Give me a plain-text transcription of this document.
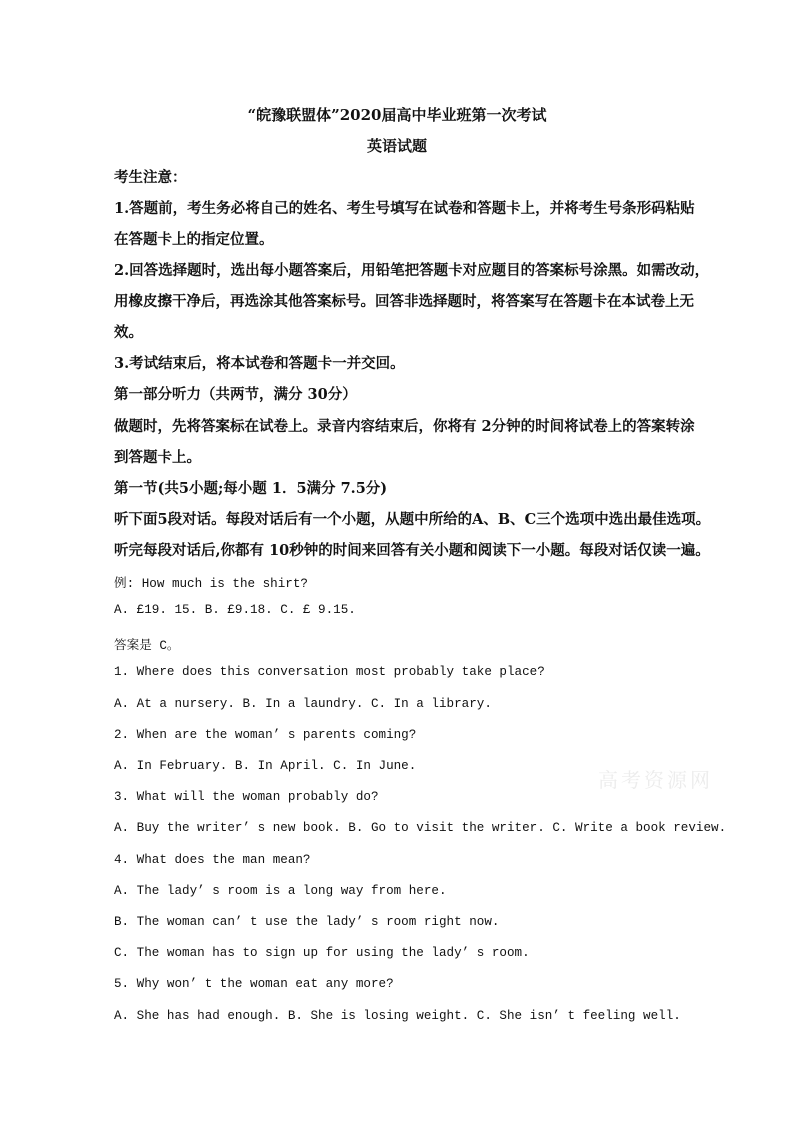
“皖豫联盟体”2020届高中毕业班第一次考试
英语试题
考生注意：
1.答题前，考生务必将自己的姓名、考生号填写在试卷和答题卡上，并将考生号条形码粘贴
在答题卡上的指定位置。
2.回答选择题时，选出每小题答案后，用铅笔把答题卡对应题目的答案标号涂黑。如需改动，
用橡皮擦干净后，再选涂其他答案标号。回答非选择题时，将答案写在答题卡在本试卷上无
效。
3.考试结束后，将本试卷和答题卡一并交回。
第一部分听力（共两节，满分 30分）
做题时，先将答案标在试卷上。录音内容结束后，你将有 2分钟的时间将试卷上的答案转涂
到答题卡上。
第一节(共5小题;每小题 1．5满分 7.5分)
听下面5段对话。每段对话后有一个小题，从题中所给的A、B、C三个选项中选出最佳选项。
听完每段对话后,你都有 10秒钟的时间来回答有关小题和阅读下一小题。每段对话仅读一遍。
例: How much is the shirt?
A. £19. 15. B. £9.18. C. £ 9.15.
答案是 C。
1. Where does this conversation most probably take place?
A. At a nursery. B. In a laundry. C. In a library.
2. When are the woman’ s parents coming?
A. In February. B. In April. C. In June.
3. What will the woman probably do?
A. Buy the writer’ s new book. B. Go to visit the writer. C. Write a book review.
4. What does the man mean?
A. The lady’ s room is a long way from here.
B. The woman can’ t use the lady’ s room right now.
C. The woman has to sign up for using the lady’ s room.
5. Why won’ t the woman eat any more?
A. She has had enough. B. She is losing weight. C. She isn’ t feeling well.
高考资源网
